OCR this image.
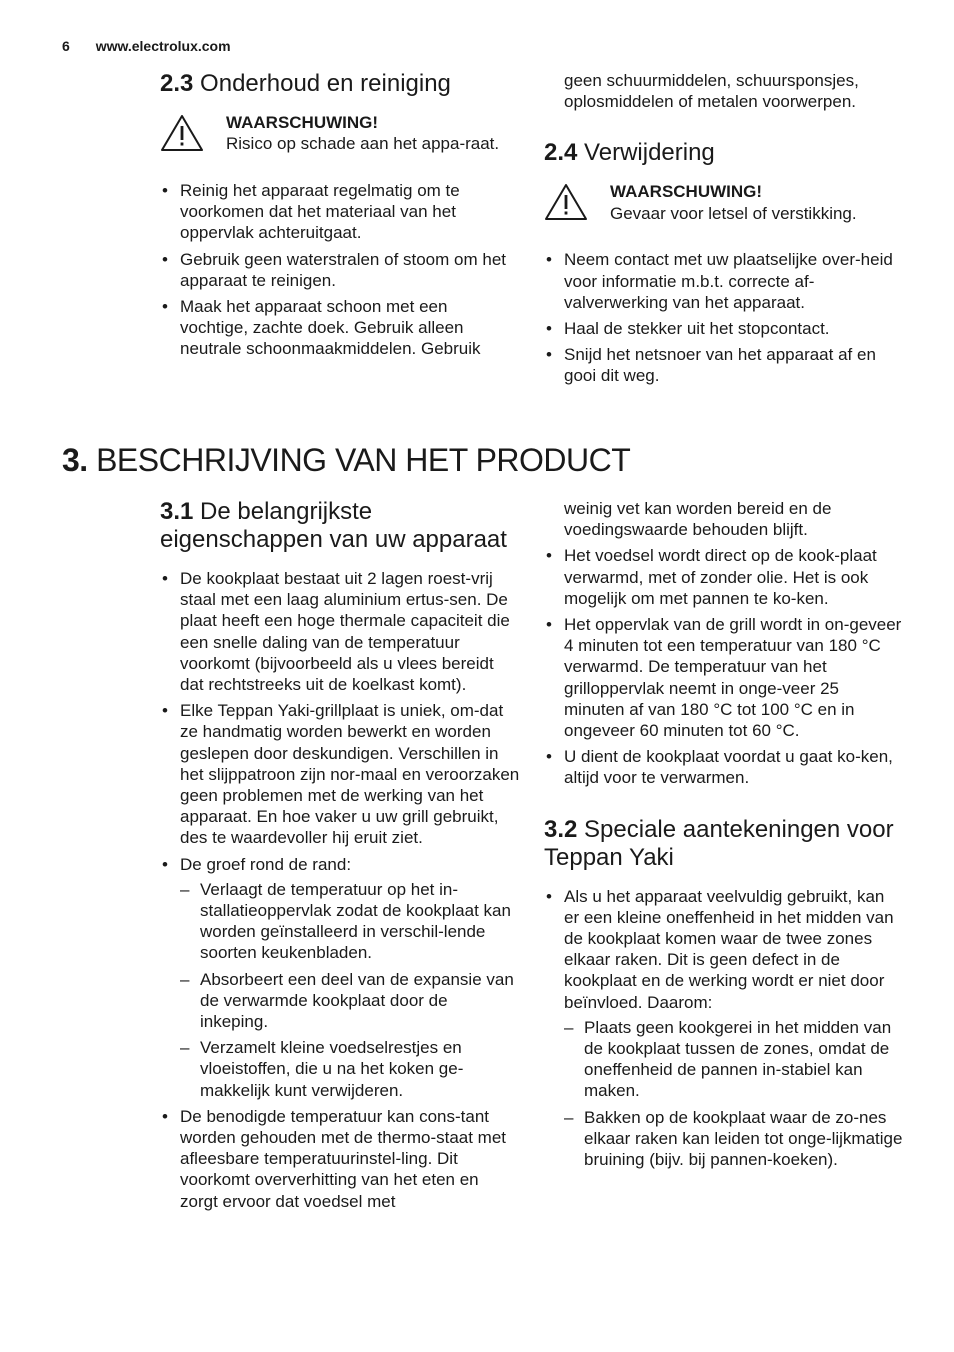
6 www.electrolux.com
2.3 Onderhoud en reiniging
WAARSCHUWING!
Risico op schade aan het appa-raat.
• Reinig het apparaat regelmatig om te voorkomen dat het materiaal van het oppervlak achteruitgaat.
• Gebruik geen waterstralen of stoom om het apparaat te reinigen.
• Maak het apparaat schoon met een vochtige, zachte doek. Gebruik alleen neutrale schoonmaakmiddelen. Gebruik
geen schuurmiddelen, schuursponsjes, oplosmiddelen of metalen voorwerpen.
2.4 Verwijdering
WAARSCHUWING!
Gevaar voor letsel of verstikking.
• Neem contact met uw plaatselijke over-heid voor informatie m.b.t. correcte af-valverwerking van het apparaat.
• Haal de stekker uit het stopcontact.
• Snijd het netsnoer van het apparaat af en gooi dit weg.
3. BESCHRIJVING VAN HET PRODUCT
3.1 De belangrijkste eigenschappen van uw apparaat
• De kookplaat bestaat uit 2 lagen roest-vrij staal met een laag aluminium ertus-sen. De plaat heeft een hoge thermale capaciteit die een snelle daling van de temperatuur voorkomt (bijvoorbeeld als u vlees bereidt dat rechtstreeks uit de koelkast komt).
• Elke Teppan Yaki-grillplaat is uniek, om-dat ze handmatig worden bewerkt en worden geslepen door deskundigen. Verschillen in het slijppatroon zijn nor-maal en veroorzaken geen problemen met de werking van het apparaat. En hoe vaker u uw grill gebruikt, des te waardevoller hij eruit ziet.
• De groef rond de rand:
– Verlaagt de temperatuur op het in-stallatieoppervlak zodat de kookplaat kan worden geïnstalleerd in verschil-lende soorten keukenbladen.
– Absorbeert een deel van de expansie van de verwarmde kookplaat door de inkeping.
– Verzamelt kleine voedselrestjes en vloeistoffen, die u na het koken ge-makkelijk kunt verwijderen.
• De benodigde temperatuur kan cons-tant worden gehouden met de thermo-staat met afleesbare temperatuurinstel-ling. Dit voorkomt oververhitting van het eten en zorgt ervoor dat voedsel met
weinig vet kan worden bereid en de voedingswaarde behouden blijft.
• Het voedsel wordt direct op de kook-plaat verwarmd, met of zonder olie. Het is ook mogelijk om met pannen te ko-ken.
• Het oppervlak van de grill wordt in on-geveer 4 minuten tot een temperatuur van 180 °C verwarmd. De temperatuur van het grilloppervlak neemt in onge-veer 25 minuten af van 180 °C tot 100 °C en in ongeveer 60 minuten tot 60 °C.
• U dient de kookplaat voordat u gaat ko-ken, altijd voor te verwarmen.
3.2 Speciale aantekeningen voor Teppan Yaki
• Als u het apparaat veelvuldig gebruikt, kan er een kleine oneffenheid in het midden van de kookplaat komen waar de twee zones elkaar raken. Dit is geen defect in de kookplaat en de werking wordt er niet door beïnvloed. Daarom:
– Plaats geen kookgerei in het midden van de kookplaat tussen de zones, omdat de oneffenheid de pannen in-stabiel kan maken.
– Bakken op de kookplaat waar de zo-nes elkaar raken kan leiden tot onge-lijkmatige bruining (bijv. bij pannen-koeken).
